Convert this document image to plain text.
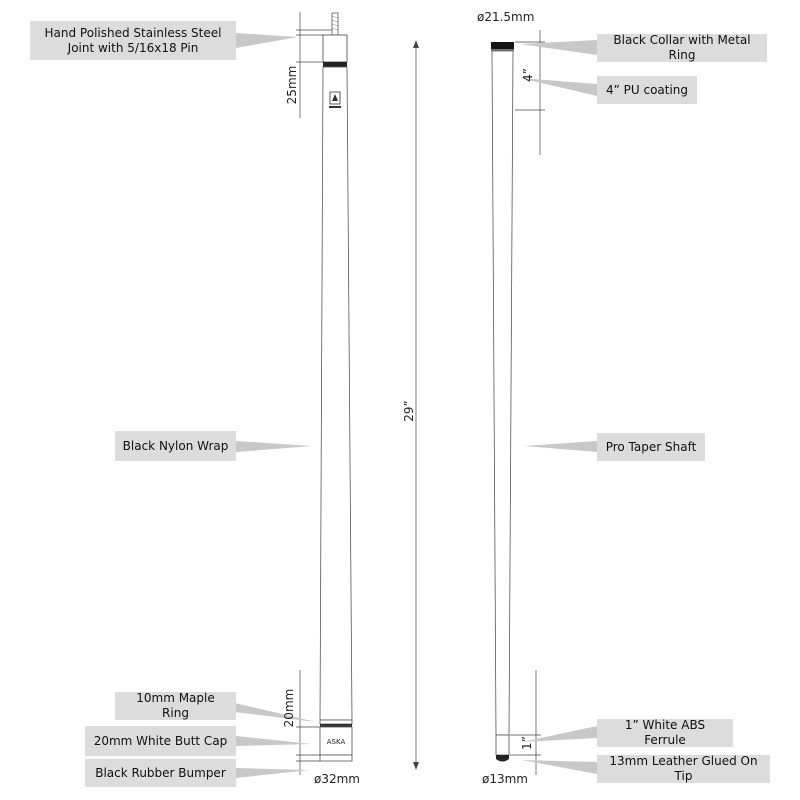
Hand Polished Stainless Steel Joint with 5/16x18 Pin
Black Nylon Wrap
10mm Maple Ring
20mm White Butt Cap
Black Rubber Bumper
Black Collar with Metal Ring
4” PU coating
Pro Taper Shaft
1” White ABS Ferrule
13mm Leather Glued On Tip
25mm
29”
20mm
ø32mm
ø21.5mm
4”
1”
ø13mm
ASKA
